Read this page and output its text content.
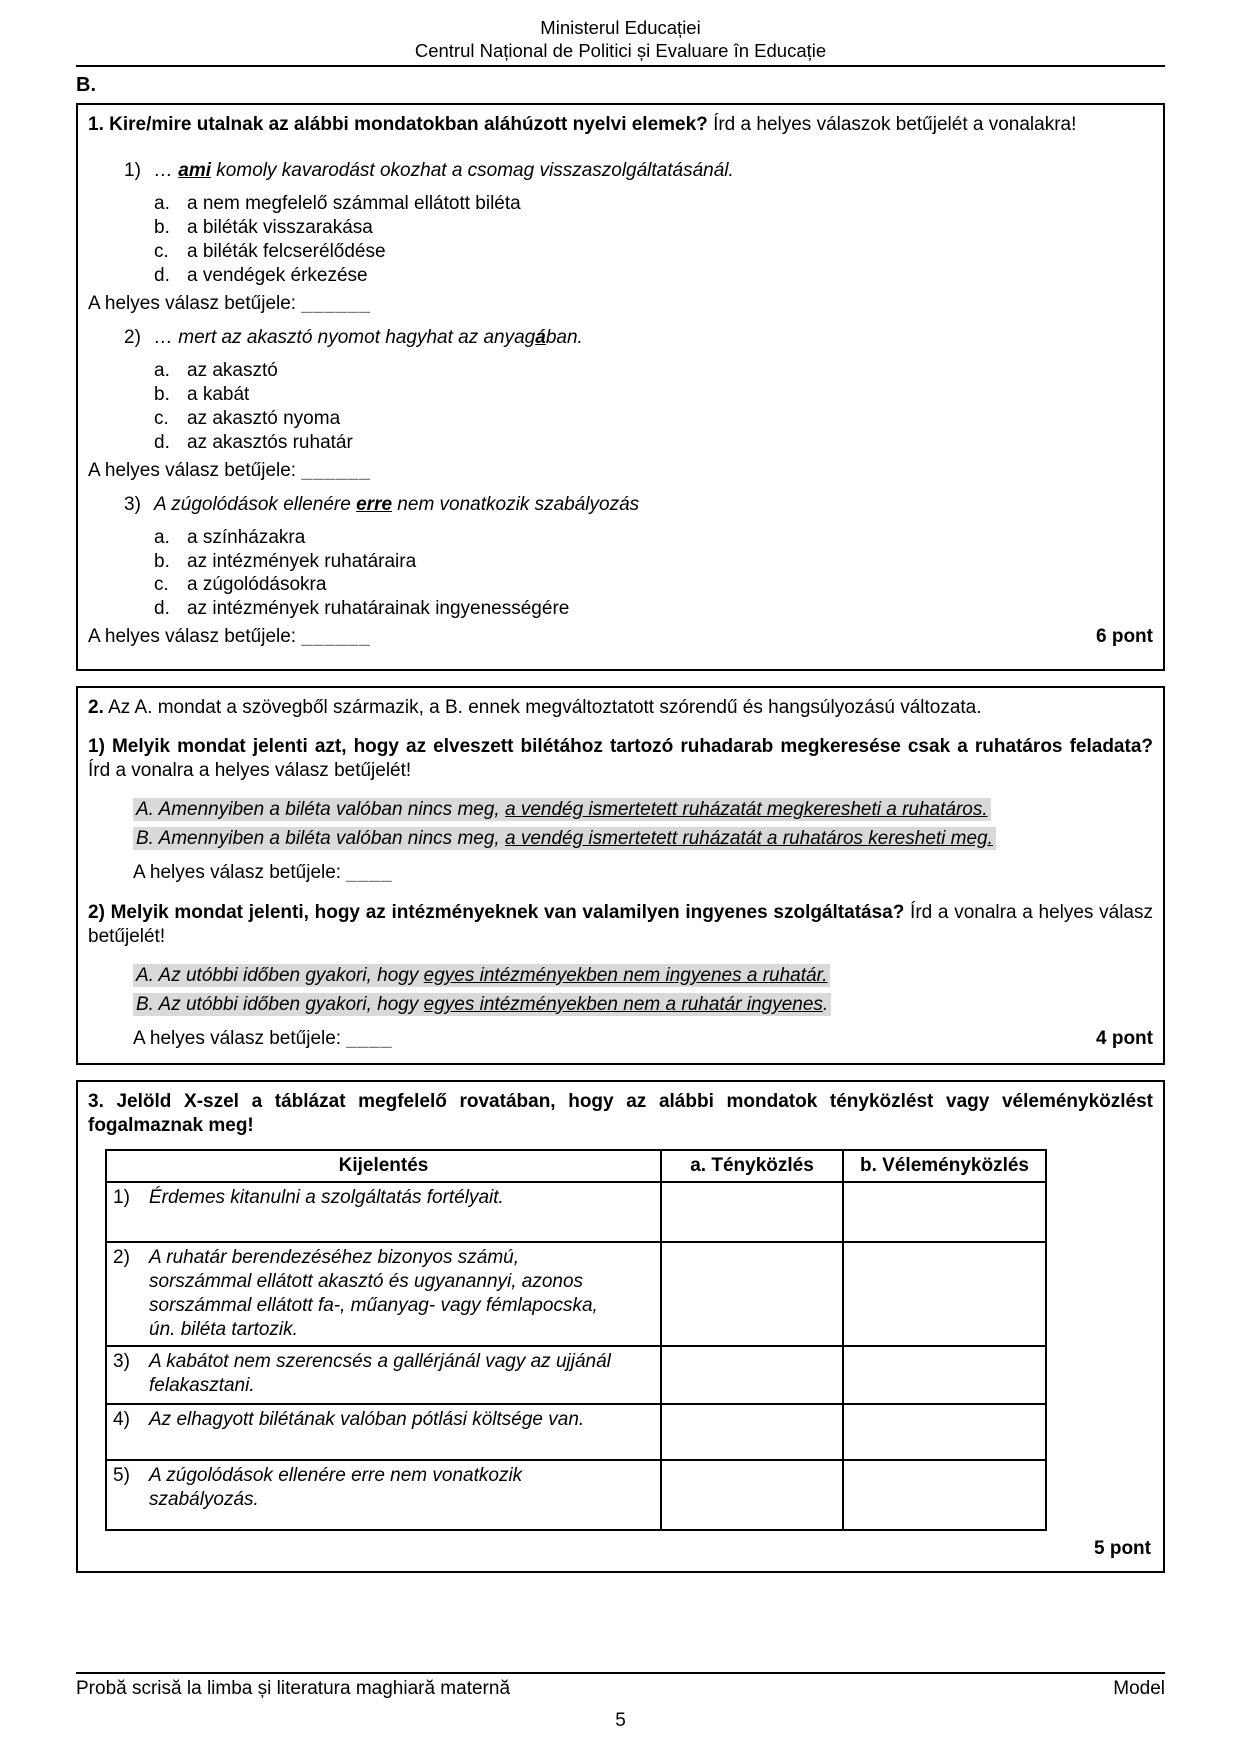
Ministerul Educației
Centrul Național de Politici și Evaluare în Educație
B.

1. Kire/mire utalnak az alábbi mondatokban aláhúzott nyelvi elemek? Írd a helyes válaszok betűjelét a vonalakra!

1) … ami komoly kavarodást okozhat a csomag visszaszolgáltatásánál.
a. a nem megfelelő számmal ellátott biléta
b. a biléták visszarakása
c. a biléták felcserélődése
d. a vendégek érkezése
A helyes válasz betűjele: ______
2) … mert az akasztó nyomot hagyhat az anyagában.
a. az akasztó
b. a kabát
c. az akasztó nyoma
d. az akasztós ruhatár
A helyes válasz betűjele: ______
3) A zúgolódások ellenére erre nem vonatkozik szabályozás
a. a színházakra
b. az intézmények ruhatáraira
c. a zúgolódásokra
d. az intézmények ruhatárainak ingyenességére
A helyes válasz betűjele: ______	6 pont

2. Az A. mondat a szövegből származik, a B. ennek megváltoztatott szórendű és hangsúlyozású változata.

1) Melyik mondat jelenti azt, hogy az elveszett bilétához tartozó ruhadarab megkeresése csak a ruhatáros feladata? Írd a vonalra a helyes válasz betűjelét!

A. Amennyiben a biléta valóban nincs meg, a vendég ismertetett ruházatát megkeresheti a ruhatáros.
B. Amennyiben a biléta valóban nincs meg, a vendég ismertetett ruházatát a ruhatáros keresheti meg.
A helyes válasz betűjele: ____

2) Melyik mondat jelenti, hogy az intézményeknek van valamilyen ingyenes szolgáltatása? Írd a vonalra a helyes válasz betűjelét!

A. Az utóbbi időben gyakori, hogy egyes intézményekben nem ingyenes a ruhatár.
B. Az utóbbi időben gyakori, hogy egyes intézményekben nem a ruhatár ingyenes.
A helyes válasz betűjele: ____	4 pont

3. Jelöld X-szel a táblázat megfelelő rovatában, hogy az alábbi mondatok tényközlést vagy véleményközlést fogalmaznak meg!

Kijelentés	a. Tényközlés	b. Véleményközlés

1) Érdemes kitanulni a szolgáltatás fortélyait.		

2) A ruhatár berendezéséhez bizonyos számú, sorszámmal ellátott akasztó és ugyanannyi, azonos sorszámmal ellátott fa-, műanyag- vagy fémlapocska, ún. biléta tartozik.		

3) A kabátot nem szerencsés a gallérjánál vagy az ujjánál felakasztani.		

4) Az elhagyott bilétának valóban pótlási költsége van.		

5) A zúgolódások ellenére erre nem vonatkozik szabályozás.		

5 pont
Probă scrisă la limba și literatura maghiară maternă	Model
5
